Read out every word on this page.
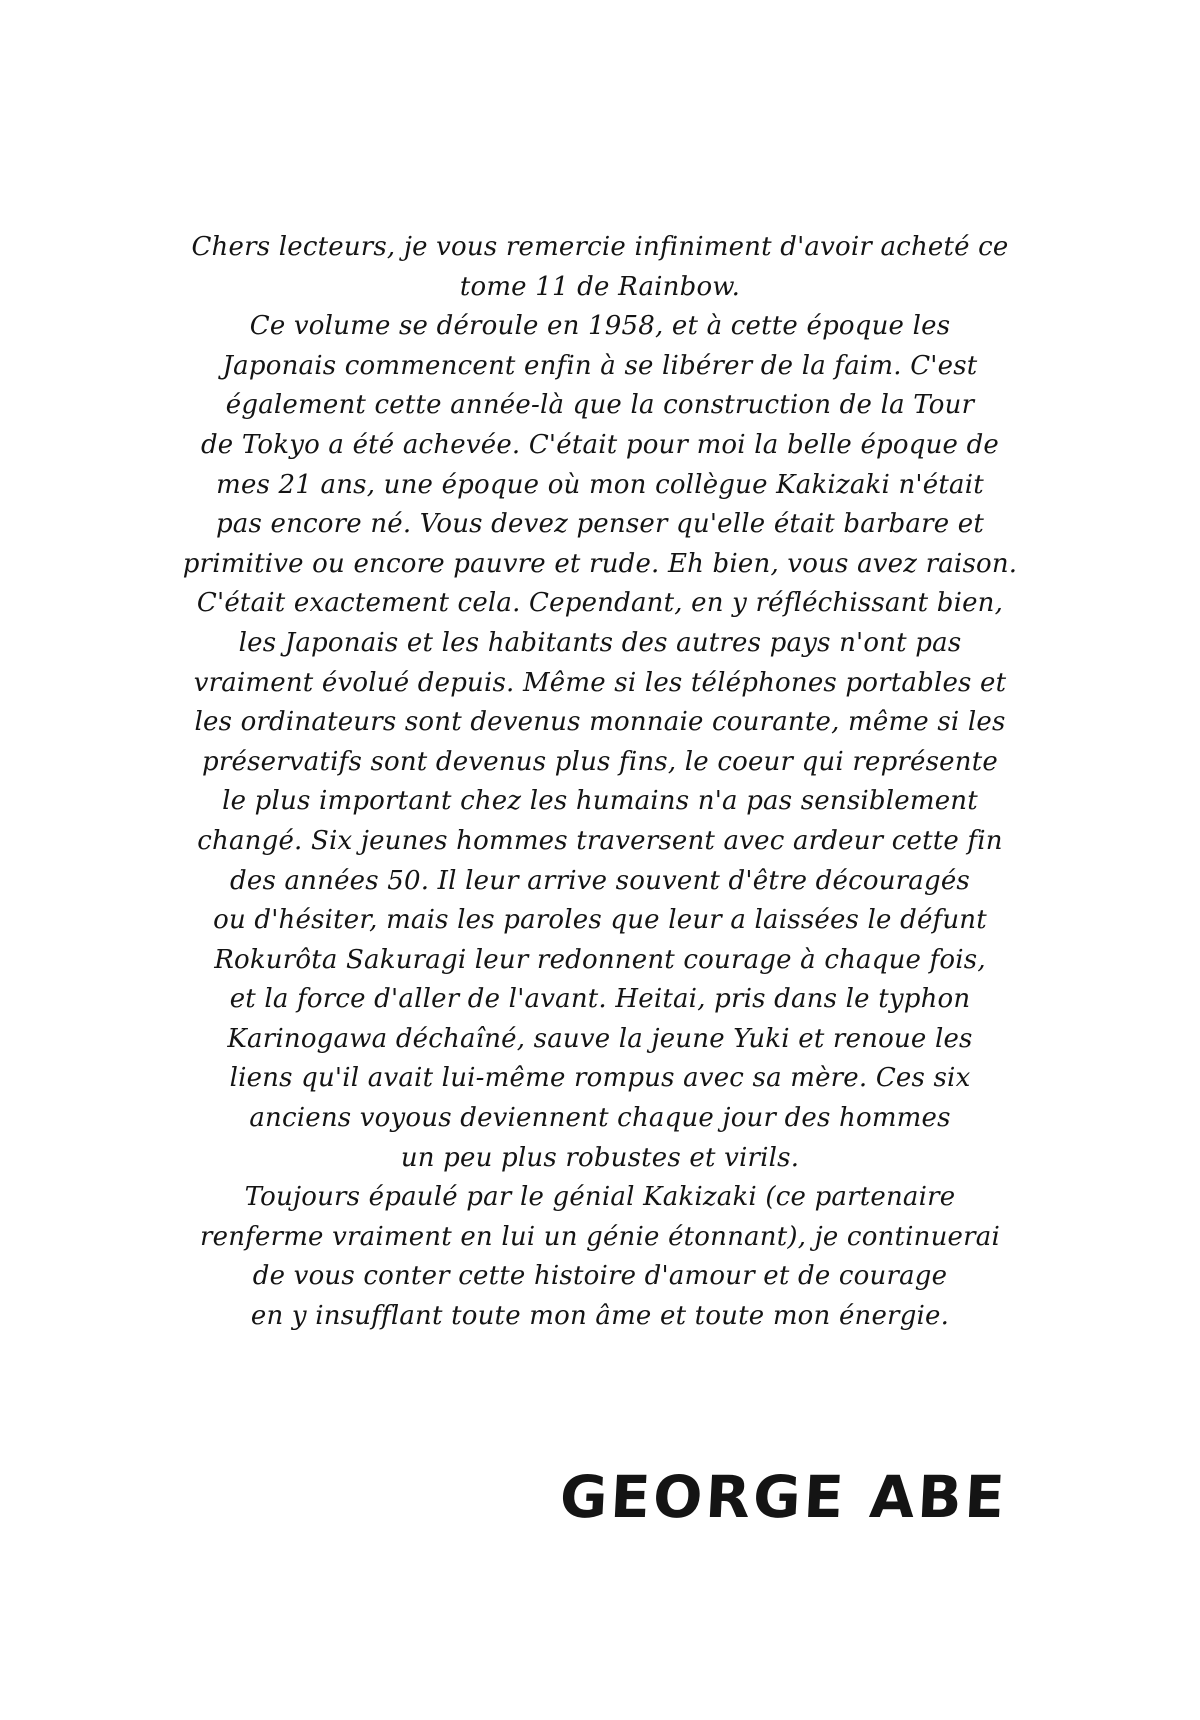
Chers lecteurs, je vous remercie infiniment d'avoir acheté ce
tome 11 de Rainbow.
Ce volume se déroule en 1958, et à cette époque les
Japonais commencent enfin à se libérer de la faim. C'est
également cette année-là que la construction de la Tour
de Tokyo a été achevée. C'était pour moi la belle époque de
mes 21 ans, une époque où mon collègue Kakizaki n'était
pas encore né. Vous devez penser qu'elle était barbare et
primitive ou encore pauvre et rude. Eh bien, vous avez raison.
C'était exactement cela. Cependant, en y réfléchissant bien,
les Japonais et les habitants des autres pays n'ont pas
vraiment évolué depuis. Même si les téléphones portables et
les ordinateurs sont devenus monnaie courante, même si les
préservatifs sont devenus plus fins, le coeur qui représente
le plus important chez les humains n'a pas sensiblement
changé. Six jeunes hommes traversent avec ardeur cette fin
des années 50. Il leur arrive souvent d'être découragés
ou d'hésiter, mais les paroles que leur a laissées le défunt
Rokurôta Sakuragi leur redonnent courage à chaque fois,
et la force d'aller de l'avant. Heitai, pris dans le typhon
Karinogawa déchaîné, sauve la jeune Yuki et renoue les
liens qu'il avait lui-même rompus avec sa mère. Ces six
anciens voyous deviennent chaque jour des hommes
un peu plus robustes et virils.
Toujours épaulé par le génial Kakizaki (ce partenaire
renferme vraiment en lui un génie étonnant), je continuerai
de vous conter cette histoire d'amour et de courage
en y insufflant toute mon âme et toute mon énergie.
GEORGE ABE
